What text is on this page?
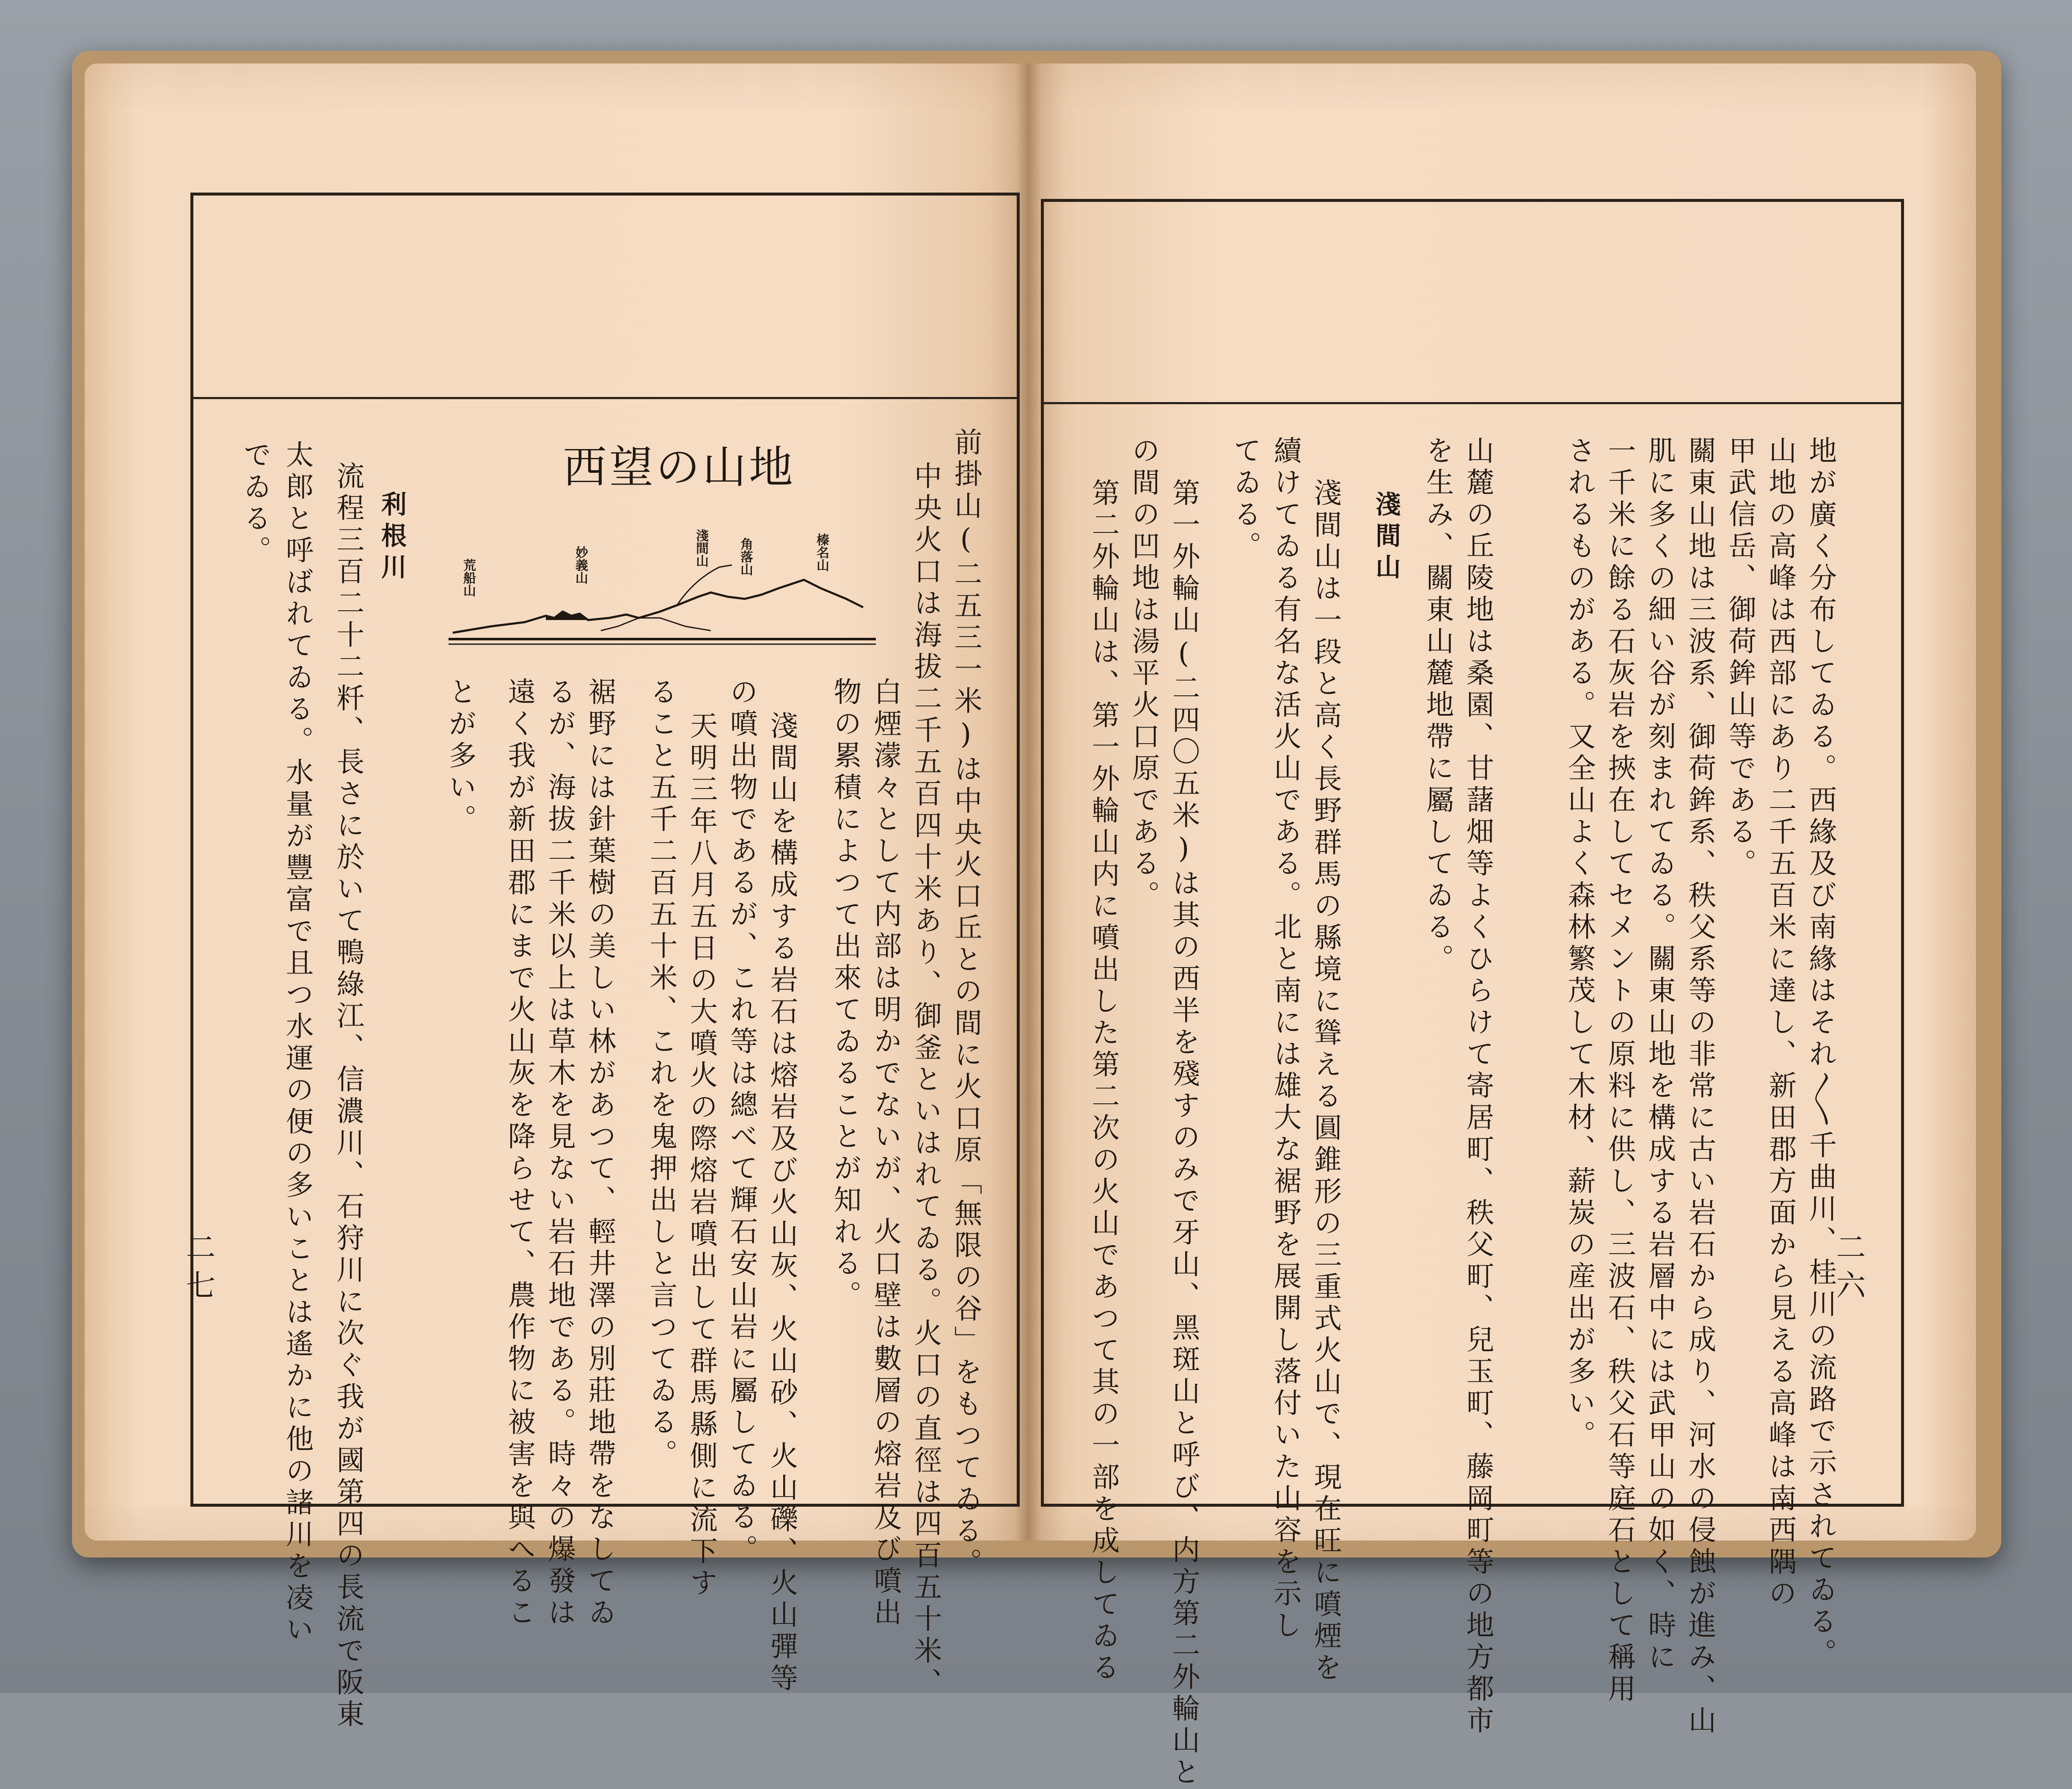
地が廣く分布してゐる。西緣及び南緣はそれ〳〵千曲川、桂川の流路で示されてゐる。
山地の高峰は西部にあり二千五百米に達し、新田郡方面から見える高峰は南西隅の
甲武信岳、御荷鉾山等である。
關東山地は三波系、御荷鉾系、秩父系等の非常に古い岩石から成り、河水の侵蝕が進み、山
肌に多くの細い谷が刻まれてゐる。關東山地を構成する岩層中には武甲山の如く、時に
一千米に餘る石灰岩を挾在してセメントの原料に供し、三波石、秩父石等庭石として稱用
されるものがある。又全山よく森林繁茂して木材、薪炭の産出が多い。
山麓の丘陵地は桑園、甘藷畑等よくひらけて寄居町、秩父町、兒玉町、藤岡町等の地方都市
を生み、關東山麓地帶に屬してゐる。
淺間山
淺間山は一段と高く長野群馬の縣境に聳える圓錐形の三重式火山で、現在旺に噴煙を
續けてゐる有名な活火山である。北と南には雄大な裾野を展開し落付いた山容を示し
てゐる。
第一外輪山(二四〇五米)は其の西半を殘すのみで牙山、黑斑山と呼び、内方第二外輪山と
の間の凹地は湯平火口原である。
第二外輪山は、第一外輪山内に噴出した第二次の火山であつて其の一部を成してゐる	二六
前掛山(二五三一米)は中央火口丘との間に火口原「無限の谷」をもつてゐる。
中央火口は海拔二千五百四十米あり、御釜といはれてゐる。火口の直徑は四百五十米、
白煙濛々として内部は明かでないが、火口壁は數層の熔岩及び噴出
物の累積によつて出來てゐることが知れる。
淺間山を構成する岩石は熔岩及び火山灰、火山砂、火山礫、火山彈等
の噴出物であるが、これ等は總べて輝石安山岩に屬してゐる。
天明三年八月五日の大噴火の際熔岩噴出して群馬縣側に流下す
ること五千二百五十米、これを鬼押出しと言つてゐる。
裾野には針葉樹の美しい林があつて、輕井澤の別莊地帶をなしてゐ
るが、海拔二千米以上は草木を見ない岩石地である。時々の爆發は
遠く我が新田郡にまで火山灰を降らせて、農作物に被害を與へるこ
とが多い。
利根川
流程三百二十二粁、長さに於いて鴨綠江、信濃川、石狩川に次ぐ我が國第四の長流で阪東
太郎と呼ばれてゐる。水量が豐富で且つ水運の便の多いことは遙かに他の諸川を凌い
でゐる。
二七
西望の山地
榛名山
角落山
淺間山
妙義山
荒船山
